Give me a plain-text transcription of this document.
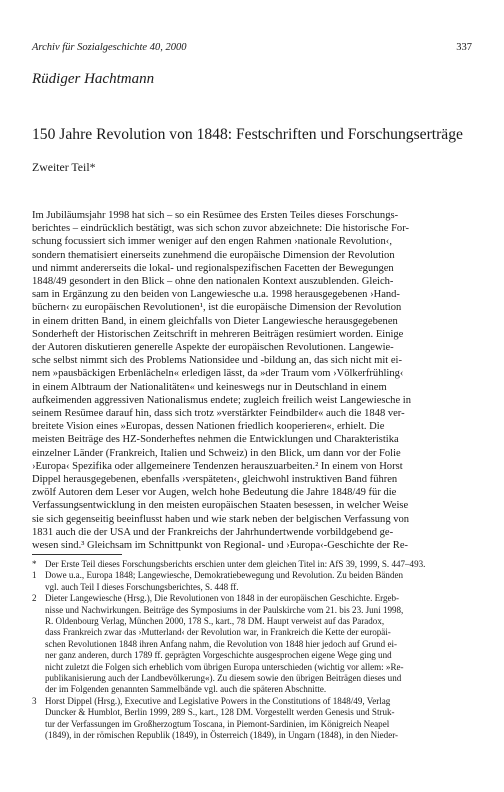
Archiv für Sozialgeschichte 40, 2000	337
Rüdiger Hachtmann
150 Jahre Revolution von 1848: Festschriften und Forschungserträge
Zweiter Teil*
Im Jubiläumsjahr 1998 hat sich – so ein Resümee des Ersten Teiles dieses Forschungs-
berichtes – eindrücklich bestätigt, was sich schon zuvor abzeichnete: Die historische For-
schung focussiert sich immer weniger auf den engen Rahmen ›nationale Revolution‹,
sondern thematisiert einerseits zunehmend die europäische Dimension der Revolution
und nimmt andererseits die lokal- und regionalspezifischen Facetten der Bewegungen
1848/49 gesondert in den Blick – ohne den nationalen Kontext auszublenden. Gleich-
sam in Ergänzung zu den beiden von Langewiesche u.a. 1998 herausgegebenen ›Hand-
büchern‹ zu europäischen Revolutionen¹, ist die europäische Dimension der Revolution
in einem dritten Band, in einem gleichfalls von Dieter Langewiesche herausgegebenen
Sonderheft der Historischen Zeitschrift in mehreren Beiträgen resümiert worden. Einige
der Autoren diskutieren generelle Aspekte der europäischen Revolutionen. Langewie-
sche selbst nimmt sich des Problems Nationsidee und -bildung an, das sich nicht mit ei-
nem »pausbäckigen Erbenlächeln« erledigen lässt, da »der Traum vom ›Völkerfrühling‹
in einem Albtraum der Nationalitäten« und keineswegs nur in Deutschland in einem
aufkeimenden aggressiven Nationalismus endete; zugleich freilich weist Langewiesche in
seinem Resümee darauf hin, dass sich trotz »verstärkter Feindbilder« auch die 1848 ver-
breitete Vision eines »Europas, dessen Nationen friedlich kooperieren«, erhielt. Die
meisten Beiträge des HZ-Sonderheftes nehmen die Entwicklungen und Charakteristika
einzelner Länder (Frankreich, Italien und Schweiz) in den Blick, um dann vor der Folie
›Europa‹ Spezifika oder allgemeinere Tendenzen herauszuarbeiten.² In einem von Horst
Dippel herausgegebenen, ebenfalls ›verspäteten‹, gleichwohl instruktiven Band führen
zwölf Autoren dem Leser vor Augen, welch hohe Bedeutung die Jahre 1848/49 für die
Verfassungsentwicklung in den meisten europäischen Staaten besessen, in welcher Weise
sie sich gegenseitig beeinflusst haben und wie stark neben der belgischen Verfassung von
1831 auch die der USA und der Frankreichs der Jahrhundertwende vorbildgebend ge-
wesen sind.³ Gleichsam im Schnittpunkt von Regional- und ›Europa‹-Geschichte der Re-
* Der Erste Teil dieses Forschungsberichts erschien unter dem gleichen Titel in: AfS 39, 1999, S. 447–493.
1 Dowe u.a., Europa 1848; Langewiesche, Demokratiebewegung und Revolution. Zu beiden Bänden
vgl. auch Teil I dieses Forschungsberichtes, S. 448 ff.
2 Dieter Langewiesche (Hrsg.), Die Revolutionen von 1848 in der europäischen Geschichte. Ergeb-
nisse und Nachwirkungen. Beiträge des Symposiums in der Paulskirche vom 21. bis 23. Juni 1998,
R. Oldenbourg Verlag, München 2000, 178 S., kart., 78 DM. Haupt verweist auf das Paradox,
dass Frankreich zwar das ›Mutterland‹ der Revolution war, in Frankreich die Kette der europäi-
schen Revolutionen 1848 ihren Anfang nahm, die Revolution von 1848 hier jedoch auf Grund ei-
ner ganz anderen, durch 1789 ff. geprägten Vorgeschichte ausgesprochen eigene Wege ging und
nicht zuletzt die Folgen sich erheblich vom übrigen Europa unterschieden (wichtig vor allem: »Re-
publikanisierung auch der Landbevölkerung«). Zu diesem sowie den übrigen Beiträgen dieses und
der im Folgenden genannten Sammelbände vgl. auch die späteren Abschnitte.
3 Horst Dippel (Hrsg.), Executive and Legislative Powers in the Constitutions of 1848/49, Verlag
Duncker & Humblot, Berlin 1999, 289 S., kart., 128 DM. Vorgestellt werden Genesis und Struk-
tur der Verfassungen im Großherzogtum Toscana, in Piemont-Sardinien, im Königreich Neapel
(1849), in der römischen Republik (1849), in Österreich (1849), in Ungarn (1848), in den Nieder-
